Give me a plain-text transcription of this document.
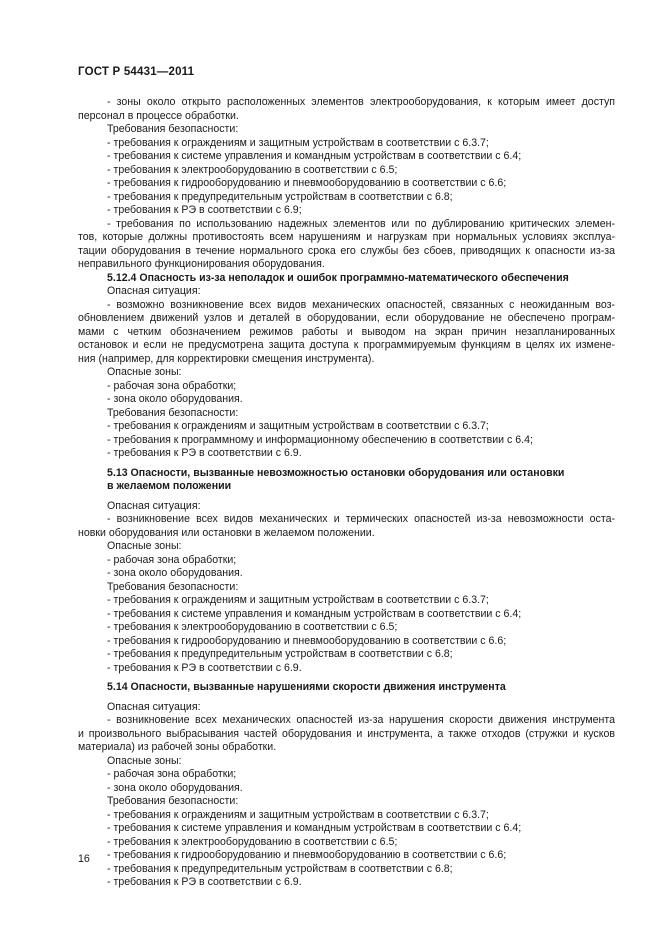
ГОСТ Р 54431—2011
- зоны около открыто расположенных элементов электрооборудования, к которым имеет доступ
персонал в процессе обработки.
Требования безопасности:
- требования к ограждениям и защитным устройствам в соответствии с 6.3.7;
- требования к системе управления и командным устройствам в соответствии с 6.4;
- требования к электрооборудованию в соответствии с 6.5;
- требования к гидрооборудованию и пневмооборудованию в соответствии с 6.6;
- требования к предупредительным устройствам в соответствии с 6.8;
- требования к РЭ в соответствии с 6.9;
- требования по использованию надежных элементов или по дублированию критических элемен-
тов, которые должны противостоять всем нарушениям и нагрузкам при нормальных условиях эксплуа-
тации оборудования в течение нормального срока его службы без сбоев, приводящих к опасности из-за
неправильного функционирования оборудования.
5.12.4 Опасность из-за неполадок и ошибок программно-математического обеспечения
Опасная ситуация:
- возможно возникновение всех видов механических опасностей, связанных с неожиданным воз-
обновлением движений узлов и деталей в оборудовании, если оборудование не обеспечено програм-
мами с четким обозначением режимов работы и выводом на экран причин незапланированных
остановок и если не предусмотрена защита доступа к программируемым функциям в целях их измене-
ния (например, для корректировки смещения инструмента).
Опасные зоны:
- рабочая зона обработки;
- зона около оборудования.
Требования безопасности:
- требования к ограждениям и защитным устройствам в соответствии с 6.3.7;
- требования к программному и информационному обеспечению в соответствии с 6.4;
- требования к РЭ в соответствии с 6.9.
5.13 Опасности, вызванные невозможностью остановки оборудования или остановки
в желаемом положении
Опасная ситуация:
- возникновение всех видов механических и термических опасностей из-за невозможности оста-
новки оборудования или остановки в желаемом положении.
Опасные зоны:
- рабочая зона обработки;
- зона около оборудования.
Требования безопасности:
- требования к ограждениям и защитным устройствам в соответствии с 6.3.7;
- требования к системе управления и командным устройствам в соответствии с 6.4;
- требования к электрооборудованию в соответствии с 6.5;
- требования к гидрооборудованию и пневмооборудованию в соответствии с 6.6;
- требования к предупредительным устройствам в соответствии с 6.8;
- требования к РЭ в соответствии с 6.9.
5.14 Опасности, вызванные нарушениями скорости движения инструмента
Опасная ситуация:
- возникновение всех механических опасностей из-за нарушения скорости движения инструмента
и произвольного выбрасывания частей оборудования и инструмента, а также отходов (стружки и кусков
материала) из рабочей зоны обработки.
Опасные зоны:
- рабочая зона обработки;
- зона около оборудования.
Требования безопасности:
- требования к ограждениям и защитным устройствам в соответствии с 6.3.7;
- требования к системе управления и командным устройствам в соответствии с 6.4;
- требования к электрооборудованию в соответствии с 6.5;
- требования к гидрооборудованию и пневмооборудованию в соответствии с 6.6;
- требования к предупредительным устройствам в соответствии с 6.8;
- требования к РЭ в соответствии с 6.9.
16
